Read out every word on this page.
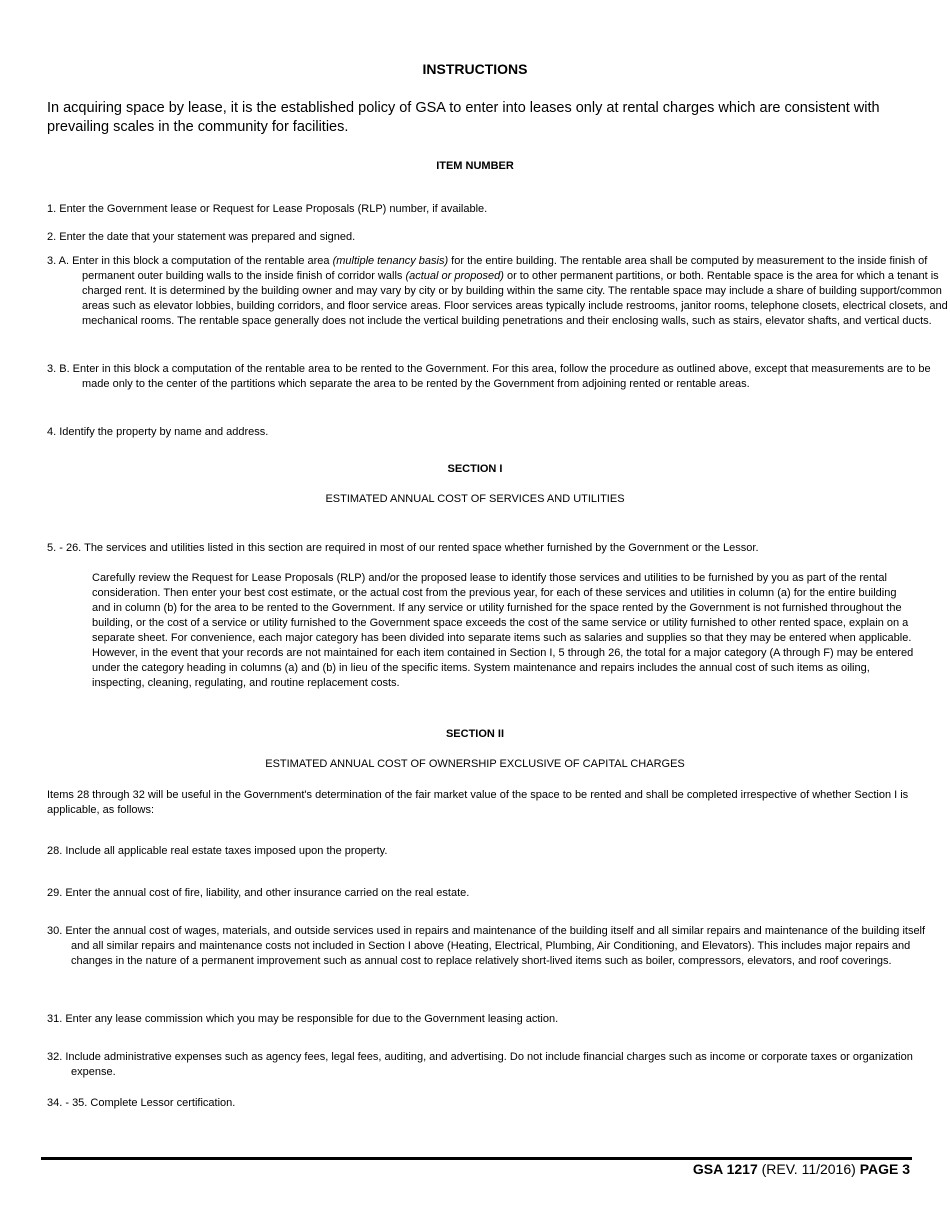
INSTRUCTIONS
In acquiring space by lease, it is the established policy of GSA to enter into leases only at rental charges which are consistent with prevailing scales in the community for facilities.
ITEM NUMBER
1. Enter the Government lease or Request for Lease Proposals (RLP) number, if available.
2. Enter the date that your statement was prepared and signed.
3. A. Enter in this block a computation of the rentable area (multiple tenancy basis) for the entire building. The rentable area shall be computed by measurement to the inside finish of permanent outer building walls to the inside finish of corridor walls (actual or proposed) or to other permanent partitions, or both. Rentable space is the area for which a tenant is charged rent. It is determined by the building owner and may vary by city or by building within the same city. The rentable space may include a share of building support/common areas such as elevator lobbies, building corridors, and floor service areas. Floor services areas typically include restrooms, janitor rooms, telephone closets, electrical closets, and mechanical rooms. The rentable space generally does not include the vertical building penetrations and their enclosing walls, such as stairs, elevator shafts, and vertical ducts.
3. B. Enter in this block a computation of the rentable area to be rented to the Government. For this area, follow the procedure as outlined above, except that measurements are to be made only to the center of the partitions which separate the area to be rented by the Government from adjoining rented or rentable areas.
4. Identify the property by name and address.
SECTION I
ESTIMATED ANNUAL COST OF SERVICES AND UTILITIES
5. - 26. The services and utilities listed in this section are required in most of our rented space whether furnished by the Government or the Lessor.
Carefully review the Request for Lease Proposals (RLP) and/or the proposed lease to identify those services and utilities to be furnished by you as part of the rental consideration. Then enter your best cost estimate, or the actual cost from the previous year, for each of these services and utilities in column (a) for the entire building and in column (b) for the area to be rented to the Government. If any service or utility furnished for the space rented by the Government is not furnished throughout the building, or the cost of a service or utility furnished to the Government space exceeds the cost of the same service or utility furnished to other rented space, explain on a separate sheet. For convenience, each major category has been divided into separate items such as salaries and supplies so that they may be entered when applicable. However, in the event that your records are not maintained for each item contained in Section I, 5 through 26, the total for a major category (A through F) may be entered under the category heading in columns (a) and (b) in lieu of the specific items. System maintenance and repairs includes the annual cost of such items as oiling, inspecting, cleaning, regulating, and routine replacement costs.
SECTION II
ESTIMATED ANNUAL COST OF OWNERSHIP EXCLUSIVE OF CAPITAL CHARGES
Items 28 through 32 will be useful in the Government's determination of the fair market value of the space to be rented and shall be completed irrespective of whether Section I is applicable, as follows:
28. Include all applicable real estate taxes imposed upon the property.
29. Enter the annual cost of fire, liability, and other insurance carried on the real estate.
30. Enter the annual cost of wages, materials, and outside services used in repairs and maintenance of the building itself and all similar repairs and maintenance of the building itself and all similar repairs and maintenance costs not included in Section I above (Heating, Electrical, Plumbing, Air Conditioning, and Elevators). This includes major repairs and changes in the nature of a permanent improvement such as annual cost to replace relatively short-lived items such as boiler, compressors, elevators, and roof coverings.
31. Enter any lease commission which you may be responsible for due to the Government leasing action.
32. Include administrative expenses such as agency fees, legal fees, auditing, and advertising. Do not include financial charges such as income or corporate taxes or organization expense.
34. - 35. Complete Lessor certification.
GSA 1217 (REV. 11/2016) PAGE 3
